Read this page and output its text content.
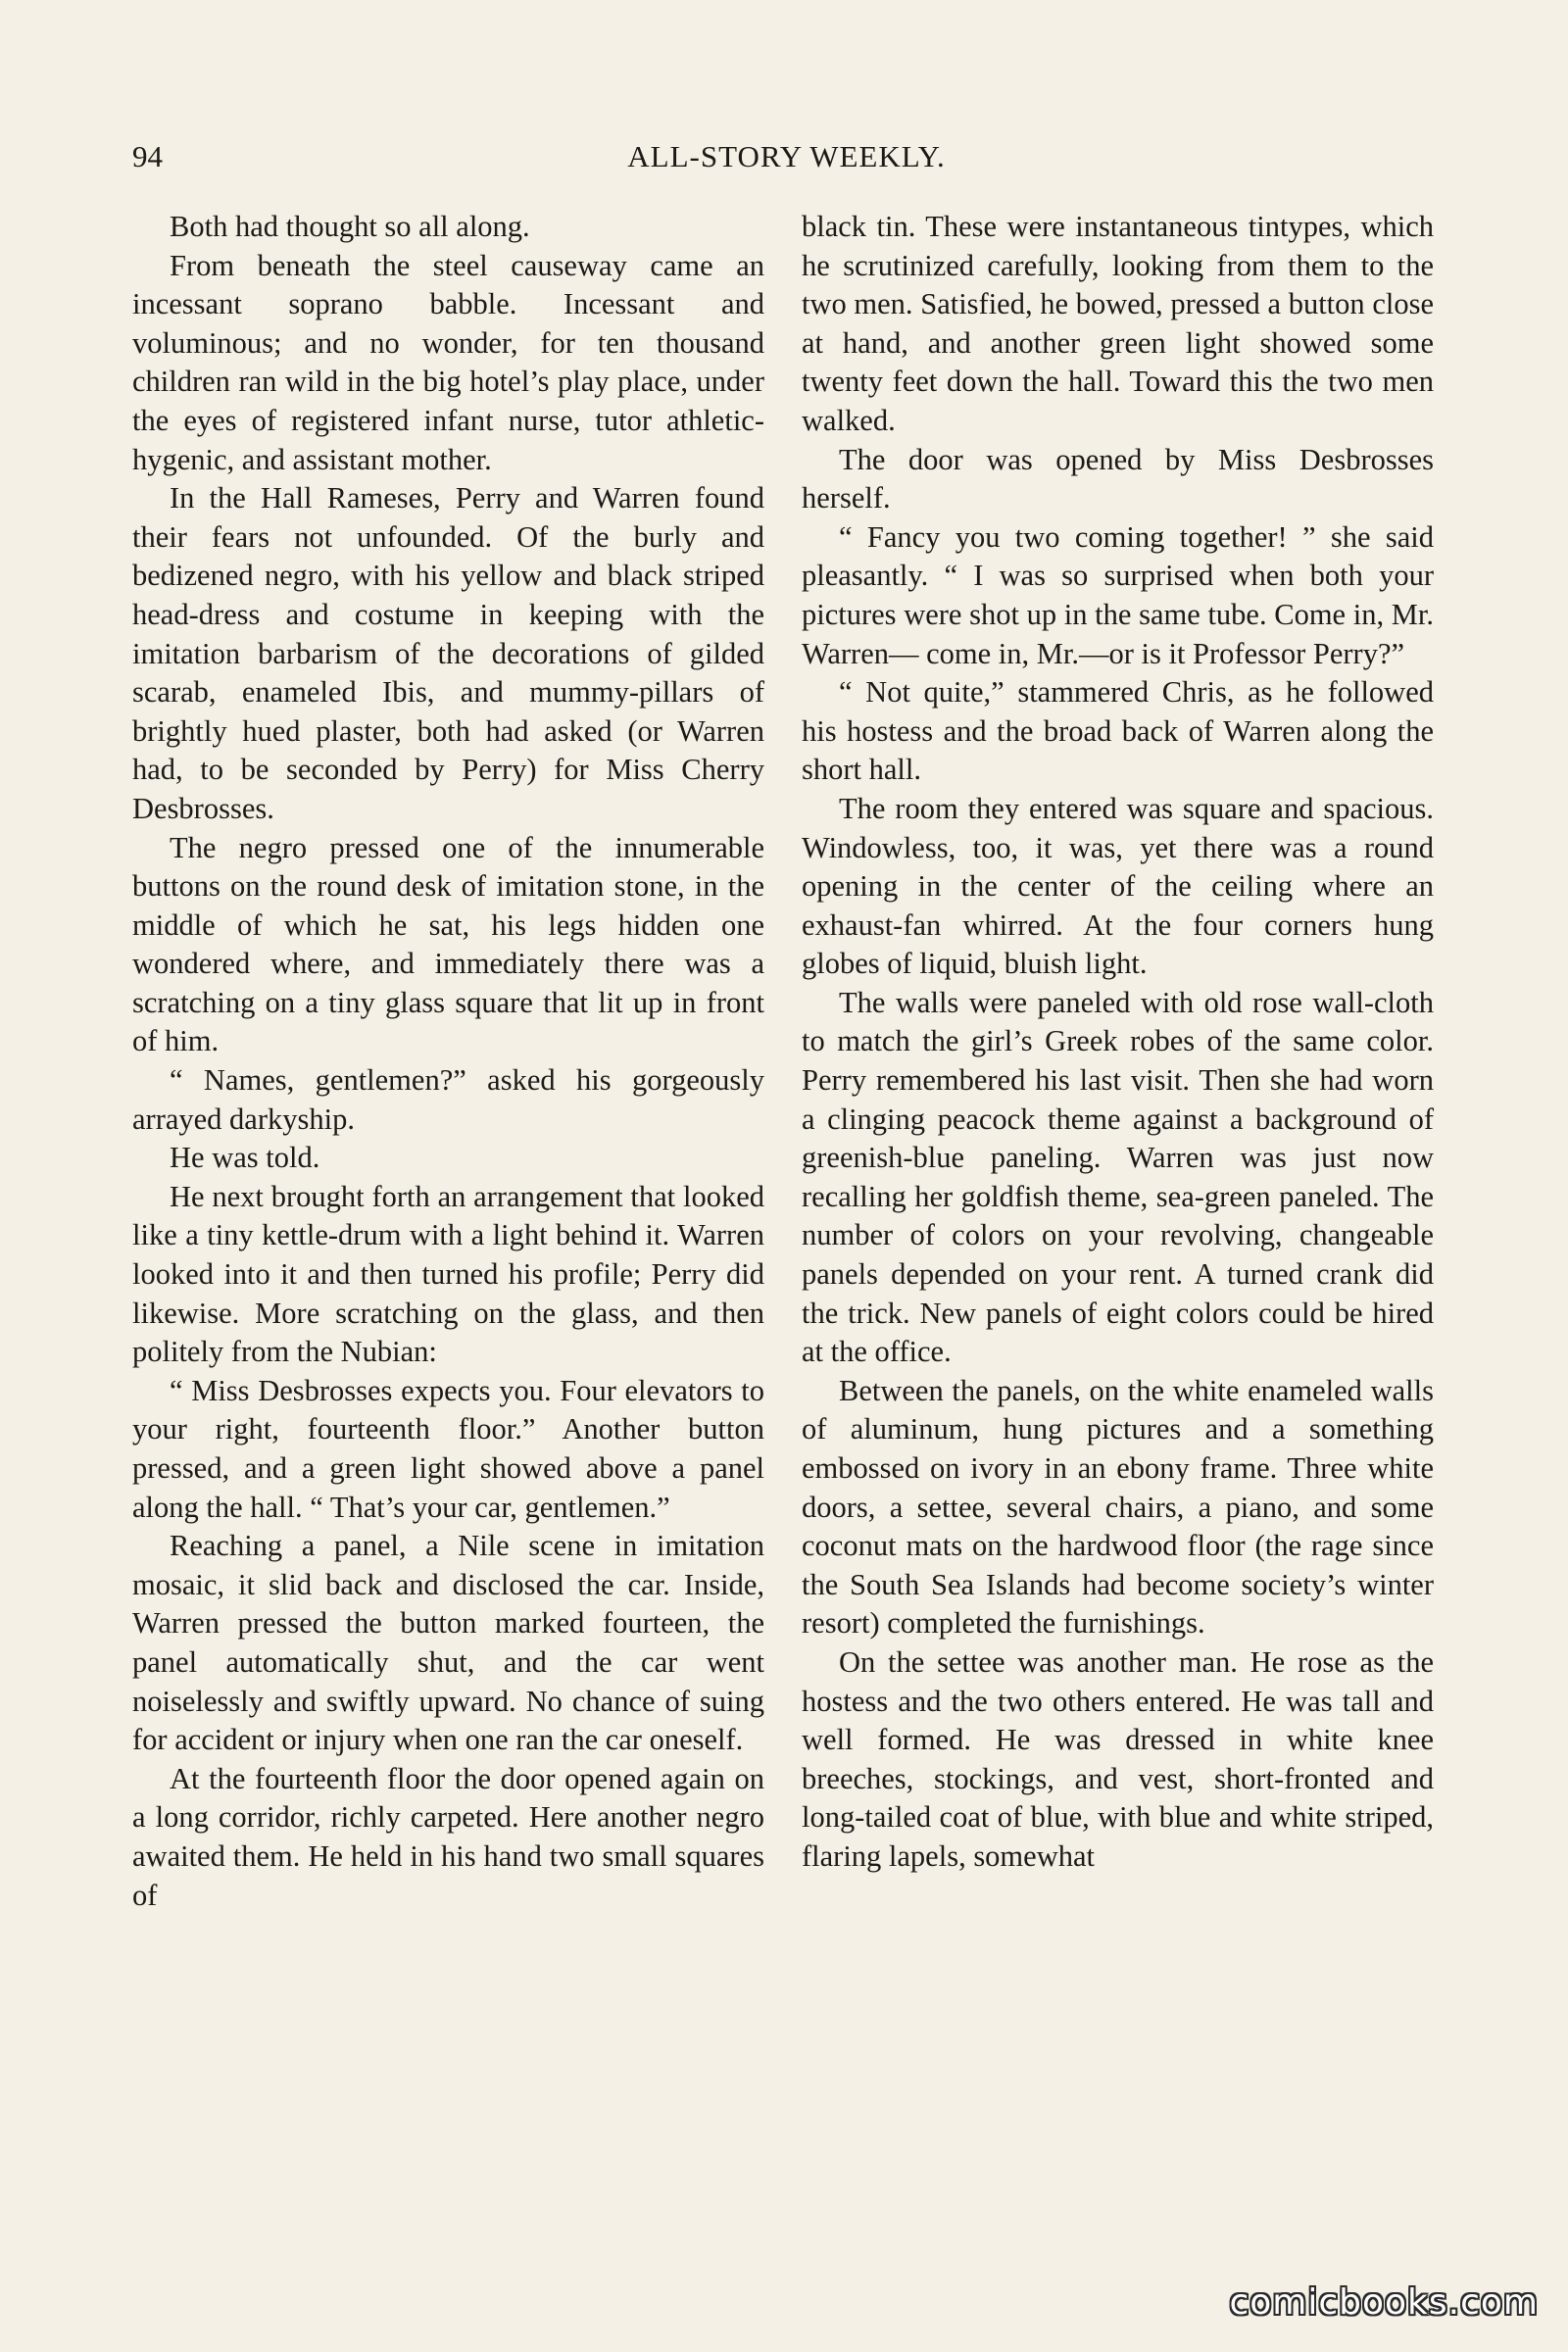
94	ALL-STORY WEEKLY.

Both had thought so all along.

From beneath the steel causeway came an incessant soprano babble. Incessant and voluminous; and no wonder, for ten thousand children ran wild in the big hotel’s play place, under the eyes of registered infant nurse, tutor athletic-hygenic, and assistant mother.

In the Hall Rameses, Perry and Warren found their fears not unfounded. Of the burly and bedizened negro, with his yellow and black striped head-dress and costume in keeping with the imitation barbarism of the decorations of gilded scarab, enameled Ibis, and mummy-pillars of brightly hued plaster, both had asked (or Warren had, to be seconded by Perry) for Miss Cherry Desbrosses.

The negro pressed one of the innumerable buttons on the round desk of imitation stone, in the middle of which he sat, his legs hidden one wondered where, and immediately there was a scratching on a tiny glass square that lit up in front of him.

“ Names, gentlemen?” asked his gorgeously arrayed darkyship.

He was told.

He next brought forth an arrangement that looked like a tiny kettle-drum with a light behind it. Warren looked into it and then turned his profile; Perry did likewise. More scratching on the glass, and then politely from the Nubian:

“ Miss Desbrosses expects you. Four elevators to your right, fourteenth floor.” Another button pressed, and a green light showed above a panel along the hall. “ That’s your car, gentlemen.”

Reaching a panel, a Nile scene in imitation mosaic, it slid back and disclosed the car. Inside, Warren pressed the button marked fourteen, the panel automatically shut, and the car went noiselessly and swiftly upward. No chance of suing for accident or injury when one ran the car oneself.

At the fourteenth floor the door opened again on a long corridor, richly carpeted. Here another negro awaited them. He held in his hand two small squares of

black tin. These were instantaneous tintypes, which he scrutinized carefully, looking from them to the two men. Satisfied, he bowed, pressed a button close at hand, and another green light showed some twenty feet down the hall. Toward this the two men walked.

The door was opened by Miss Desbrosses herself.

“ Fancy you two coming together! ” she said pleasantly. “ I was so surprised when both your pictures were shot up in the same tube. Come in, Mr. Warren— come in, Mr.—or is it Professor Perry?”

“ Not quite,” stammered Chris, as he followed his hostess and the broad back of Warren along the short hall.

The room they entered was square and spacious. Windowless, too, it was, yet there was a round opening in the center of the ceiling where an exhaust-fan whirred. At the four corners hung globes of liquid, bluish light.

The walls were paneled with old rose wall-cloth to match the girl’s Greek robes of the same color. Perry remembered his last visit. Then she had worn a clinging peacock theme against a background of greenish-blue paneling. Warren was just now recalling her goldfish theme, sea-green paneled. The number of colors on your revolving, changeable panels depended on your rent. A turned crank did the trick. New panels of eight colors could be hired at the office.

Between the panels, on the white enameled walls of aluminum, hung pictures and a something embossed on ivory in an ebony frame. Three white doors, a settee, several chairs, a piano, and some coconut mats on the hardwood floor (the rage since the South Sea Islands had become society’s winter resort) completed the furnishings.

On the settee was another man. He rose as the hostess and the two others entered. He was tall and well formed. He was dressed in white knee breeches, stockings, and vest, short-fronted and long-tailed coat of blue, with blue and white striped, flaring lapels, somewhat

comicbooks.com
